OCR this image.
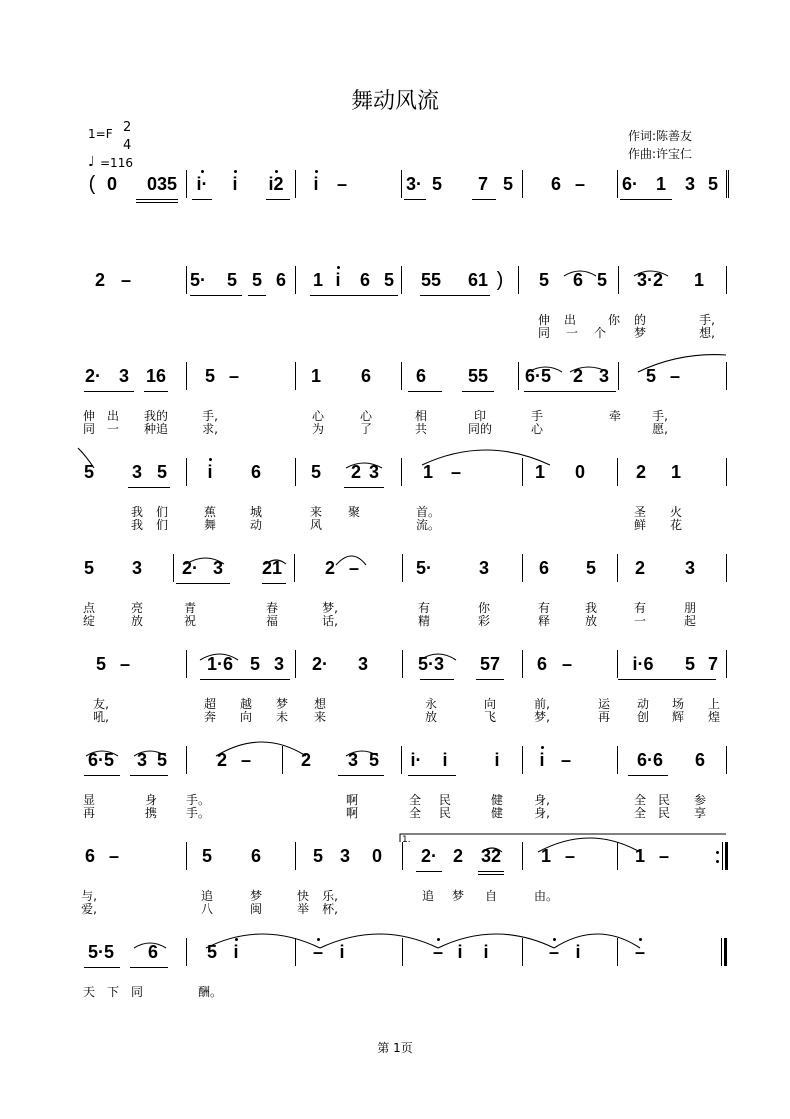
舞动风流
1=F 2
4
♩ =116
作词:陈善友
作曲:许宝仁
( 0 035 i· i i2 i –	3· 5 7 5 6 – 6· 1 3 5
2 –	5· 5 5 6 1 i 6 5 55 61 ) 5 6 5 3·2 1
伸 出	你 的	手,
同 一 个 梦	想,
2· 3 16 5 –	1 6 6 55 6·5 2 3 5 –
伸 出 我的	手,	心	心	相	印	手	牵	手,
同 一 种追	求,	为	了	共	同的	心	愿,
5 3 5 i 6	5 2 3 1 –	1 0	2 1
我 们	蕉	城	来 聚	首。	圣 火
我 们	舞	动	风	流。	鲜 花
5 3 2· 3 21 2 –	5·	3	6 5 2 3
点	亮	青	春	梦,	有	你	有	我	有	朋
绽	放	祝	福	话,	精	彩	释	放	一	起
5 –	1·6 5 3 2· 3	5·3 57 6 –	i·6 5 7
友,	超 越 梦 想	永	向	前,	运 动 场 上
吼,	奔 向 未 来	放	飞	梦,	再 创 辉 煌
6·5 3 5	2 –	2 3 5 i· i	i i –	6·6 6
显	身 手。	啊	全 民	健	身,	全 民 参
再	携 手。	啊	全 民	健	身,	全 民 享
6 –	5 6	5 3 0 2· 2 32 1 –	1 –
与,	追	梦	快 乐,	追 梦 自	由。
爱,	八	闽	举 杯,
5·5 6	5 i	– i	– i	– i	–
i
天 下 同	酬。
1.
第 1页
